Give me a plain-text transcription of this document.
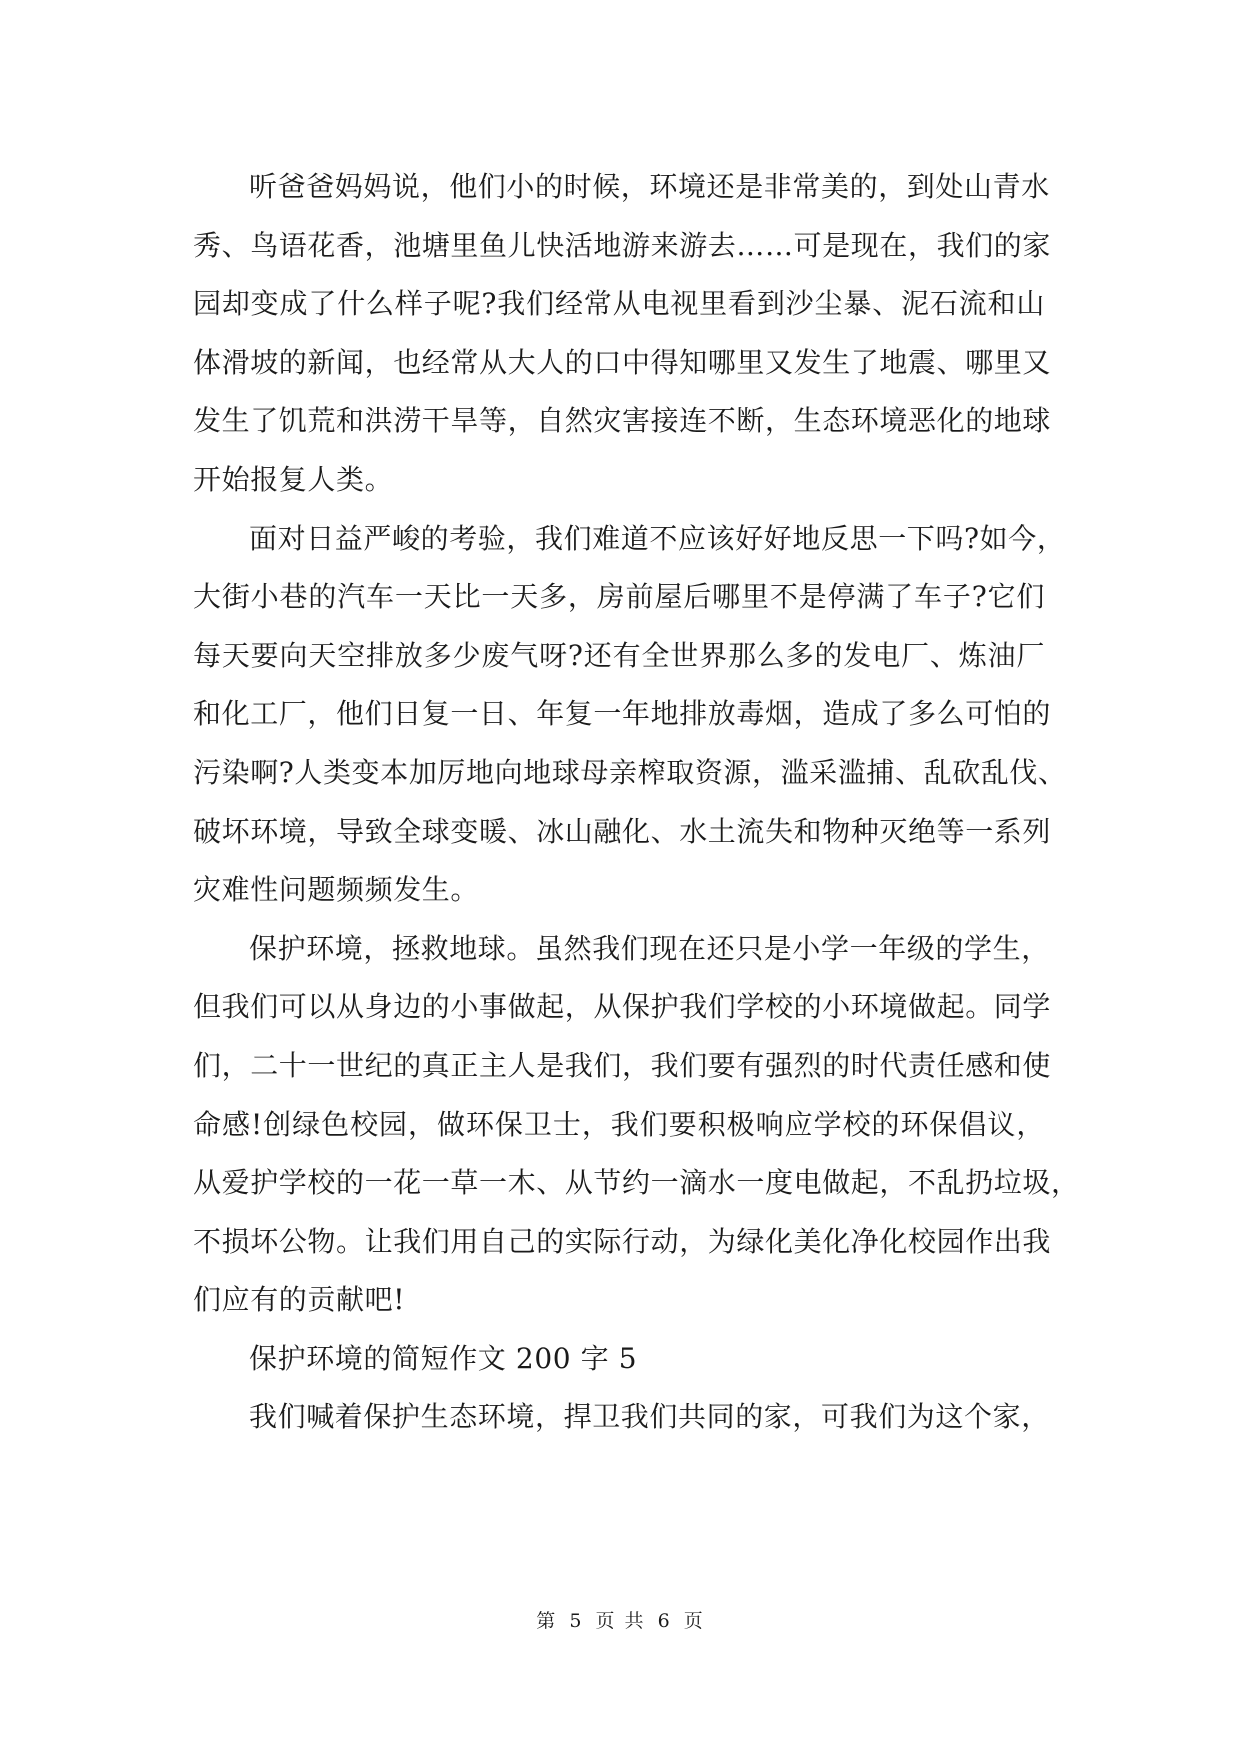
听爸爸妈妈说，他们小的时候，环境还是非常美的，到处山青水
秀、鸟语花香，池塘里鱼儿快活地游来游去……可是现在，我们的家
园却变成了什么样子呢?我们经常从电视里看到沙尘暴、泥石流和山
体滑坡的新闻，也经常从大人的口中得知哪里又发生了地震、哪里又
发生了饥荒和洪涝干旱等，自然灾害接连不断，生态环境恶化的地球
开始报复人类。
面对日益严峻的考验，我们难道不应该好好地反思一下吗?如今，
大街小巷的汽车一天比一天多，房前屋后哪里不是停满了车子?它们
每天要向天空排放多少废气呀?还有全世界那么多的发电厂、炼油厂
和化工厂，他们日复一日、年复一年地排放毒烟，造成了多么可怕的
污染啊?人类变本加厉地向地球母亲榨取资源，滥采滥捕、乱砍乱伐、
破坏环境，导致全球变暖、冰山融化、水土流失和物种灭绝等一系列
灾难性问题频频发生。
保护环境，拯救地球。虽然我们现在还只是小学一年级的学生，
但我们可以从身边的小事做起，从保护我们学校的小环境做起。同学
们，二十一世纪的真正主人是我们，我们要有强烈的时代责任感和使
命感!创绿色校园，做环保卫士，我们要积极响应学校的环保倡议，
从爱护学校的一花一草一木、从节约一滴水一度电做起，不乱扔垃圾，
不损坏公物。让我们用自己的实际行动，为绿化美化净化校园作出我
们应有的贡献吧!

保护环境的简短作文 200 字 5

我们喊着保护生态环境，捍卫我们共同的家，可我们为这个家，
第 5 页 共 6 页
